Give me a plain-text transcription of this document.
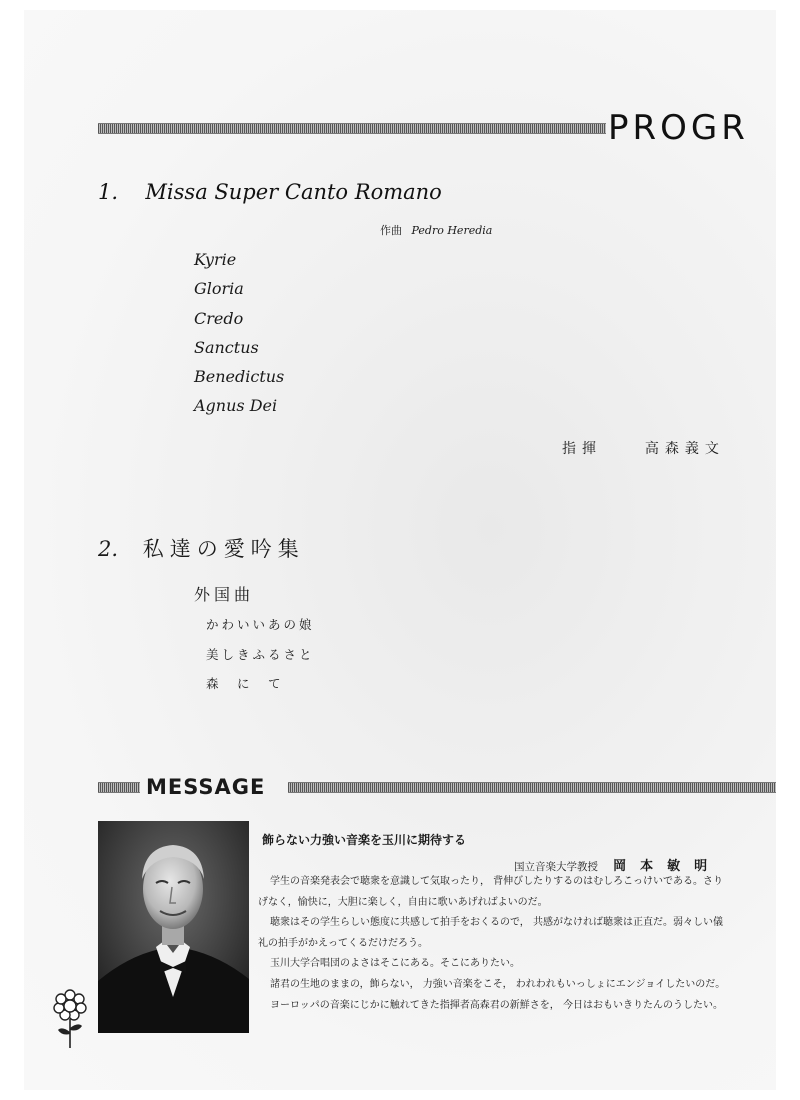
PROGR
1. Missa Super Canto Romano
作曲 Pedro Heredia
Kyrie
Gloria
Credo
Sanctus
Benedictus
Agnus Dei
指揮	高森義文
2. 私達の愛吟集
外国曲
かわいいあの娘
美しきふるさと
森　に　て
MESSAGE
飾らない力強い音楽を玉川に期待する
国立音楽大学教授 岡本敏明

学生の音楽発表会で聴衆を意識して気取ったり， 背伸びしたりするのはむしろこっけいである。さりげなく，愉快に，大胆に楽しく，自由に歌いあげればよいのだ。

聴衆はその学生らしい態度に共感して拍手をおくるので， 共感がなければ聴衆は正直だ。弱々しい儀礼の拍手がかえってくるだけだろう。

玉川大学合唱団のよさはそこにある。そこにありたい。

諸君の生地のままの，飾らない， 力強い音楽をこそ， われわれもいっしょにエンジョイしたいのだ。

ヨーロッパの音楽にじかに触れてきた指揮者高森君の新鮮さを， 今日はおもいきりたんのうしたい。
